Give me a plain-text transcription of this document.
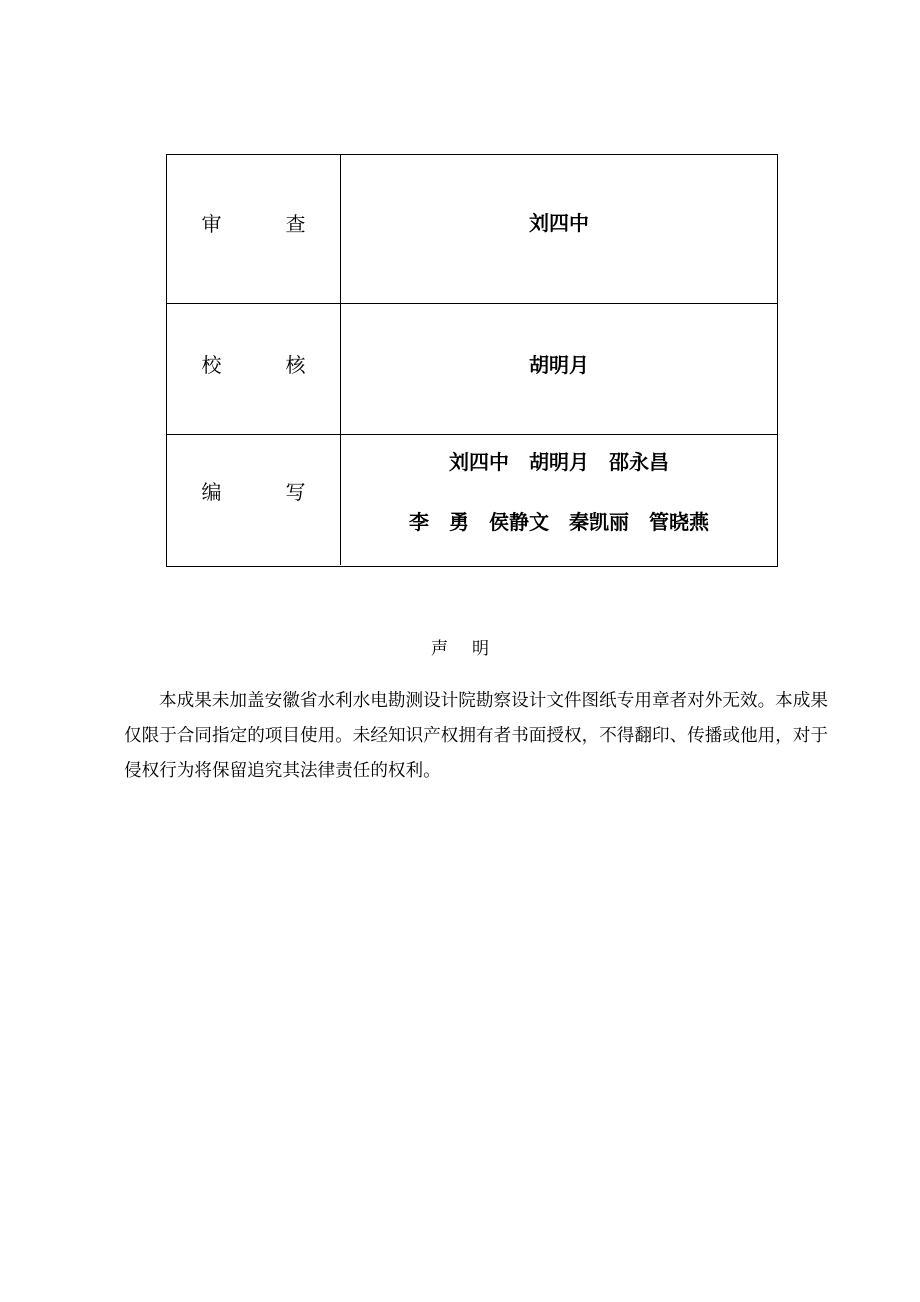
审　查	刘四中
校　核	胡明月
编　写
刘四中　胡明月　邵永昌
李　勇　侯静文　秦凯丽　管晓燕
声明
本成果未加盖安徽省水利水电勘测设计院勘察设计文件图纸专用章者对外无效。本成果仅限于合同指定的项目使用。未经知识产权拥有者书面授权，不得翻印、传播或他用，对于侵权行为将保留追究其法律责任的权利。
